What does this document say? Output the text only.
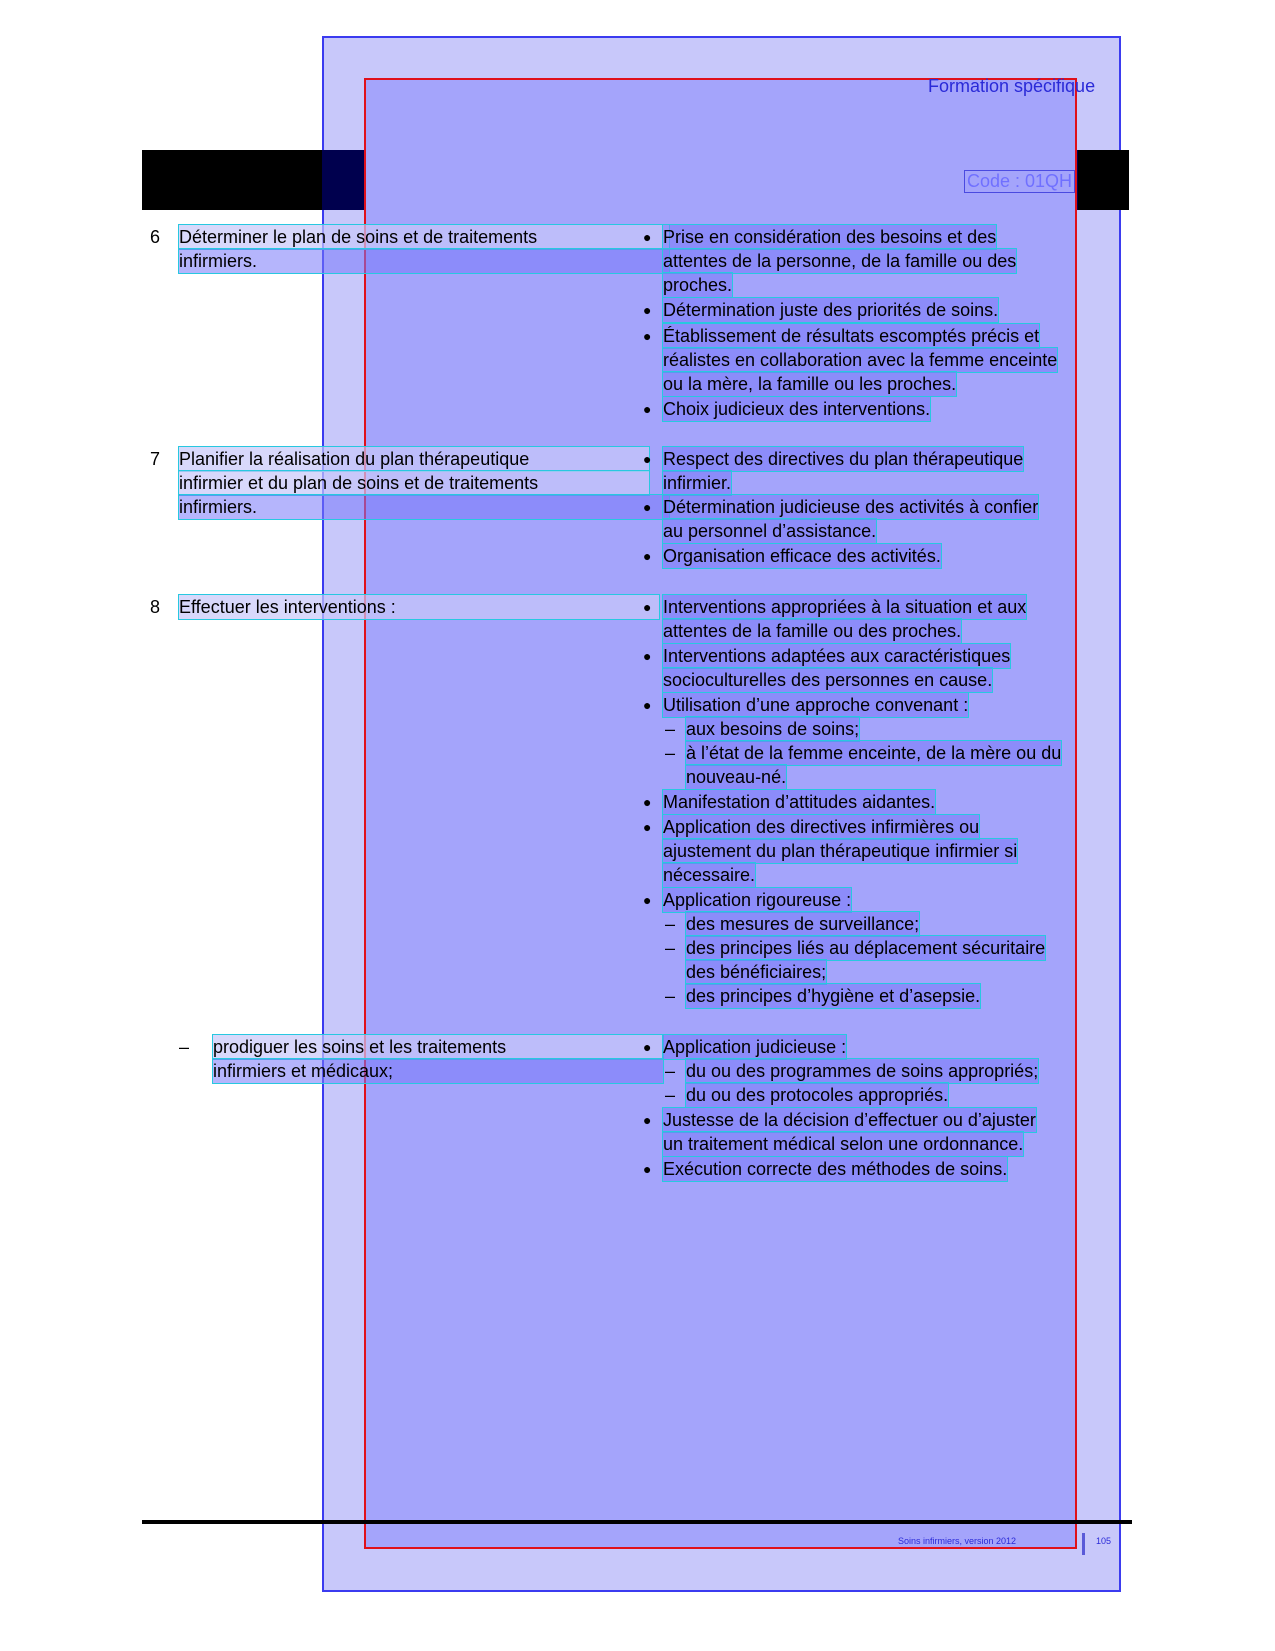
Formation spécifique
Code : 01QH
6 Déterminer le plan de soins et de traitements
infirmiers.
7 Planifier la réalisation du plan thérapeutique
infirmier et du plan de soins et de traitements
infirmiers.
8 Effectuer les interventions :
– prodiguer les soins et les traitements
infirmiers et médicaux;
● Prise en considération des besoins et des
attentes de la personne, de la famille ou des
proches.
● Détermination juste des priorités de soins.
● Établissement de résultats escomptés précis et
réalistes en collaboration avec la femme enceinte
ou la mère, la famille ou les proches.
● Choix judicieux des interventions.
● Respect des directives du plan thérapeutique
infirmier.
● Détermination judicieuse des activités à confier
au personnel d’assistance.
● Organisation efficace des activités.
● Interventions appropriées à la situation et aux
attentes de la famille ou des proches.
● Interventions adaptées aux caractéristiques
socioculturelles des personnes en cause.
● Utilisation d’une approche convenant :
– aux besoins de soins;
– à l’état de la femme enceinte, de la mère ou du
nouveau-né.
● Manifestation d’attitudes aidantes.
● Application des directives infirmières ou
ajustement du plan thérapeutique infirmier si
nécessaire.
● Application rigoureuse :
– des mesures de surveillance;
– des principes liés au déplacement sécuritaire
des bénéficiaires;
– des principes d’hygiène et d’asepsie.
● Application judicieuse :
– du ou des programmes de soins appropriés;
– du ou des protocoles appropriés.
● Justesse de la décision d’effectuer ou d’ajuster
un traitement médical selon une ordonnance.
● Exécution correcte des méthodes de soins.
Soins infirmiers, version 2012	105
